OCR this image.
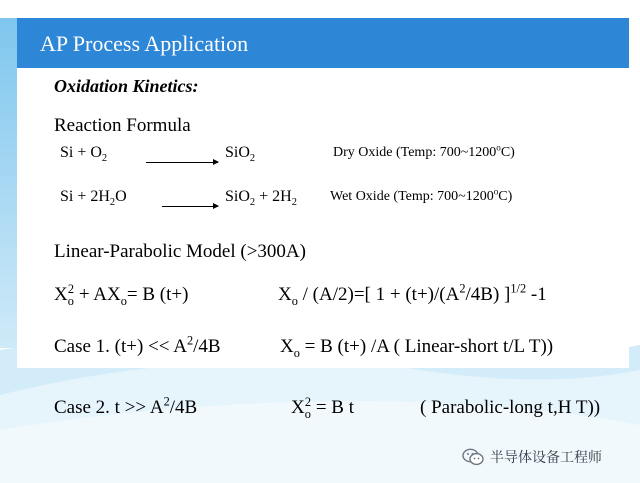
AP Process Application
Oxidation Kinetics:
Reaction Formula
$Si + O_2$	SiO$_2$	Dry Oxide (Temp: 700~1200$^o$C)
$Si + 2H_2O$	$SiO_2 + 2H_2$ Wet Oxide (Temp: 700~1200$^o$C)
Linear-Parabolic Model (>300A)
$X_o^2 + AX_o= B$ (t+)	$X_o / (A/2)=$[ $1 + (t+)/(A^2/4B)$ ]$^{1/2}$ -1
Case 1. $(t+) << A^2/4B$	$X_o = B$ (t+) /A ( Linear-short t/L T))
Case 2. $t >> A^2/4B$	$X_o^2 = B$ t	( Parabolic-long t,H T))
半导体设备工程师
